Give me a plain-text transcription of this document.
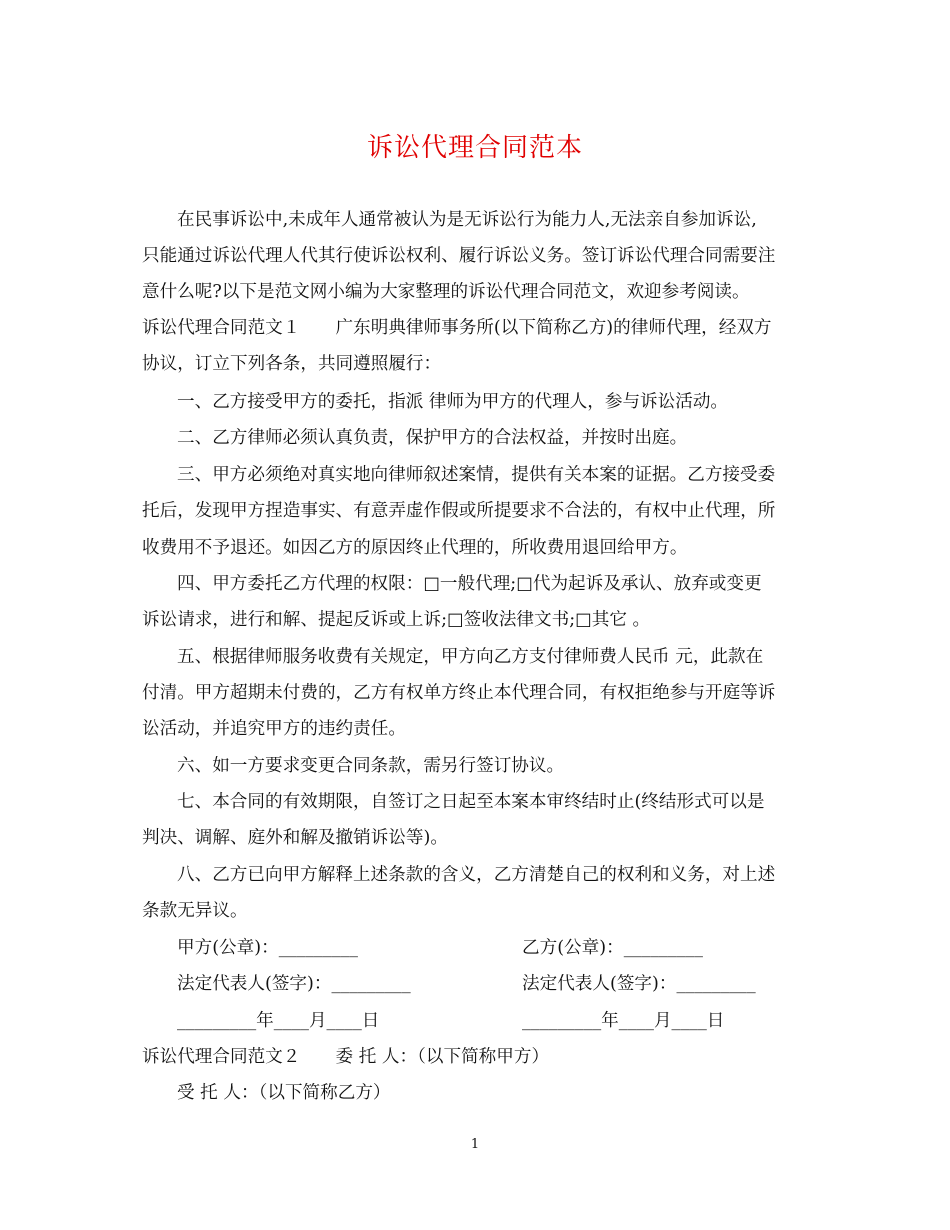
诉讼代理合同范本
在民事诉讼中,未成年人通常被认为是无诉讼行为能力人,无法亲自参加诉讼,
只能通过诉讼代理人代其行使诉讼权利、履行诉讼义务。签订诉讼代理合同需要注
意什么呢?以下是范文网小编为大家整理的诉讼代理合同范文，欢迎参考阅读。
诉讼代理合同范文１　　广东明典律师事务所(以下简称乙方)的律师代理，经双方
协议，订立下列各条，共同遵照履行：
一、乙方接受甲方的委托，指派 律师为甲方的代理人，参与诉讼活动。
二、乙方律师必须认真负责，保护甲方的合法权益，并按时出庭。
三、甲方必须绝对真实地向律师叙述案情，提供有关本案的证据。乙方接受委
托后，发现甲方捏造事实、有意弄虚作假或所提要求不合法的，有权中止代理，所
收费用不予退还。如因乙方的原因终止代理的，所收费用退回给甲方。
四、甲方委托乙方代理的权限：□一般代理;□代为起诉及承认、放弃或变更
诉讼请求，进行和解、提起反诉或上诉;□签收法律文书;□其它 。
五、根据律师服务收费有关规定，甲方向乙方支付律师费人民币 元，此款在
付清。甲方超期未付费的，乙方有权单方终止本代理合同，有权拒绝参与开庭等诉
讼活动，并追究甲方的违约责任。
六、如一方要求变更合同条款，需另行签订协议。
七、本合同的有效期限，自签订之日起至本案本审终结时止(终结形式可以是
判决、调解、庭外和解及撤销诉讼等)。
八、乙方已向甲方解释上述条款的含义，乙方清楚自己的权利和义务，对上述
条款无异议。
甲方(公章)：_________	乙方(公章)：_________
法定代表人(签字)：_________	法定代表人(签字)：_________
_________年____月____日	_________年____月____日
诉讼代理合同范文２　　委 托 人：（以下简称甲方）
受 托 人：（以下简称乙方）
1
